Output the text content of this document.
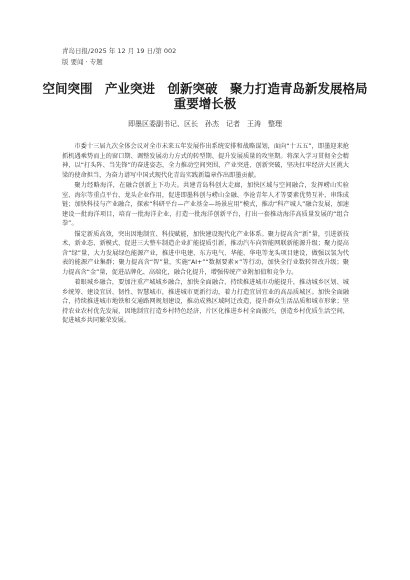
青岛日报/2025 年 12 月 19 日/第 002
版 要闻 · 专题
空间突围　产业突进　创新突破　聚力打造青岛新发展格局重要增长极
即墨区委副书记、区长　孙杰　记者　王涛　整理

市委十三届九次全体会议对全市未来五年发展作出系统安排和战略谋划，面向“十五五”，即墨迎来抢抓机遇乘势而上的窗口期、调整发展动力方式的转型期、提升发展质量的攻坚期。将深入学习贯彻全会精神，以“打头阵、当先锋”的奋进姿态，全力推动空间突围、产业突进、创新突破，坚决扛牢经济大区挑大梁的使命担当，为奋力谱写中国式现代化青岛实践新篇章作出即墨贡献。

聚力经略海洋，在融合创新上下功夫。共建青岛科创大走廊，加快区域与空间融合，发挥崂山实验室、海尔等重点平台、龙头企业作用，促进即墨科创与崂山金融、李沧青年人才等要素优势互补、串珠成链；加快科技与产业融合，探索“科研平台—产业基金—场景应用”模式，推动“科产城人”融合发展，加速建设一批海洋项目，培育一批海洋企业，打造一批海洋创新平台，打出一套推动海洋高质量发展的“组合拳”。

锚定新质高效，突出因地制宜、科技赋能，加快建设现代化产业体系。聚力提高含“新”量，引进新技术，新业态、新模式，促进三大整车制造企业扩能提质引新，推动汽车向智能网联新能源升级；聚力提高含“绿”量，大力发展绿色能源产业，推进中电建、东方电气、华能、华电等龙头项目建设，做强以氢为代表的能源产业集群；聚力提高含“智”量，实施“AI+”“数据要素×”等行动，加快全行业数转智改升级；聚力提高含“金”量，促进品牌化、高端化，融合化提升，增强传统产业附加值和竞争力。

着眼城乡融合，要加注重产城城乡融合，加快全面融合、持续推进城市功能提升，推动城乡区划、城乡统筹、建设宜居、韧性、智慧城市，推进城市更新行动，着力打造宜居宜业的高品质城区。加快全面融合，持续推进城市地铁和交通路网规划建设，推动成熟区域阿迁改造，提升群众生活品质和城市形象；坚持农业农村优先发展，因地制宜打造乡村特色经济，片区化推进乡村全面振兴，创造乡村优质生活空间，促进城乡共同繁荣发展。
